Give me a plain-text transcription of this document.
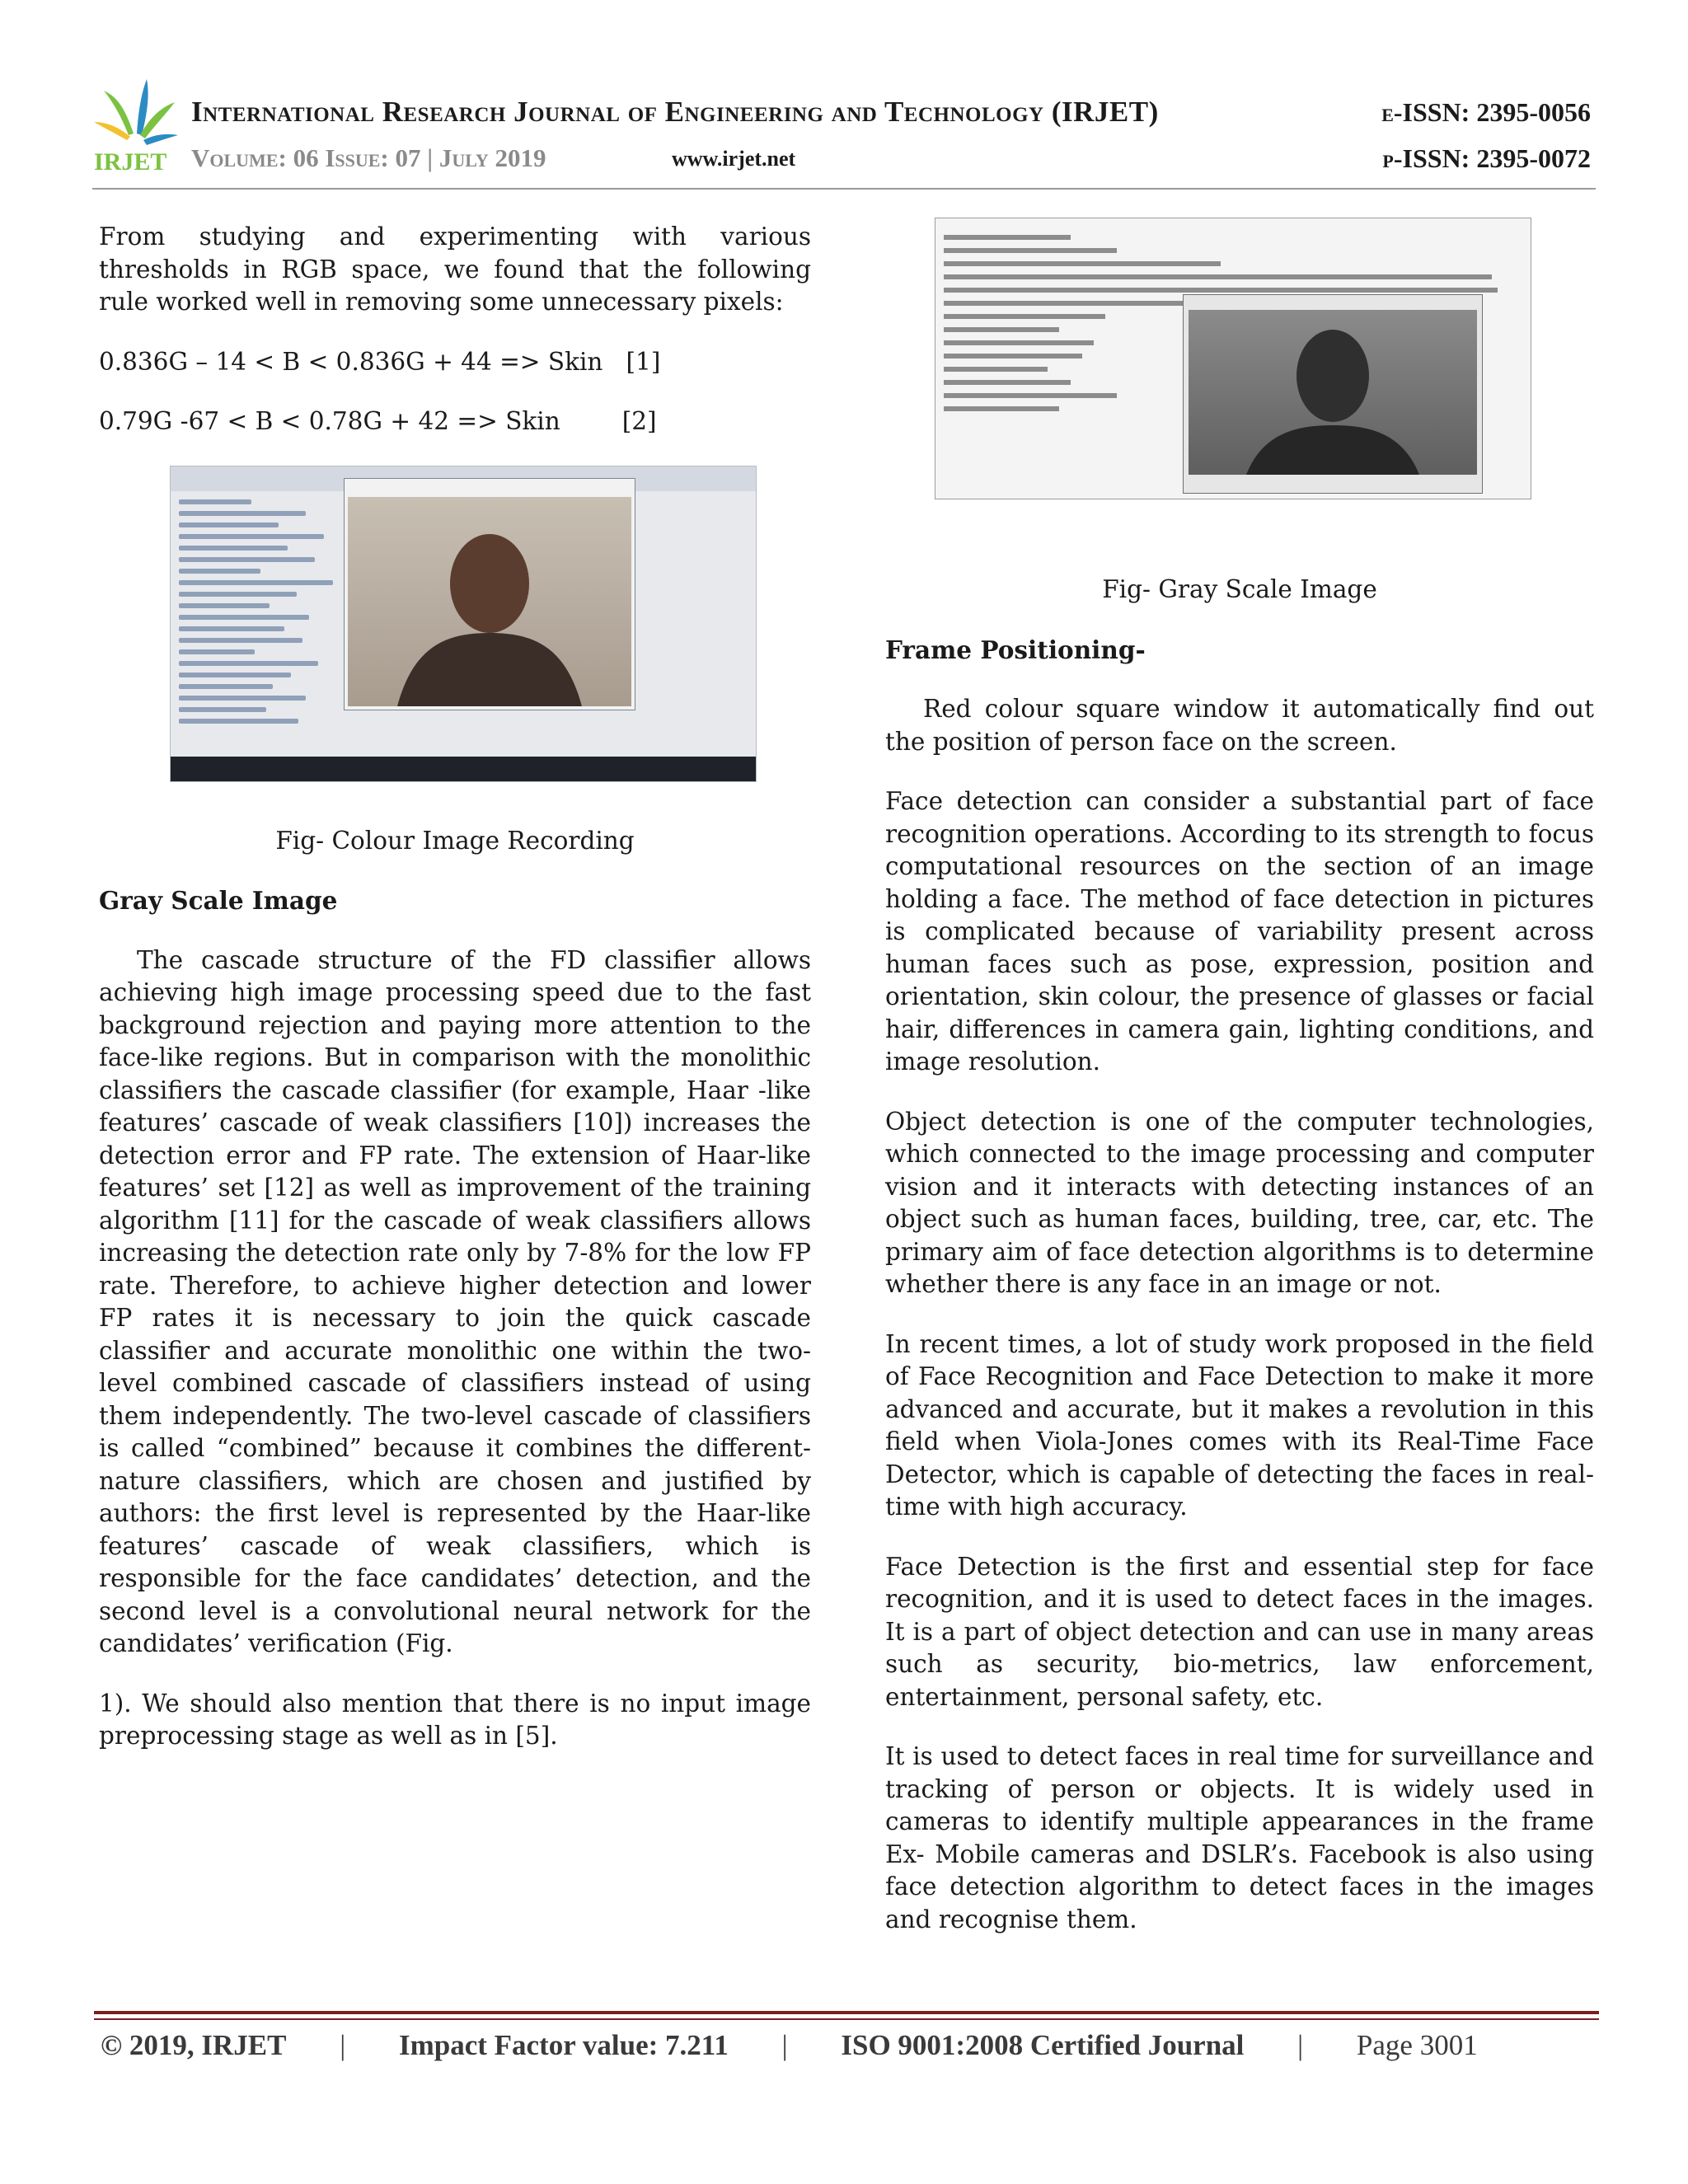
IRJET
International Research Journal of Engineering and Technology (IRJET)
Volume: 06 Issue: 07 | July 2019	www.irjet.net
e-ISSN: 2395-0056
p-ISSN: 2395-0072

From studying and experimenting with various thresholds in RGB space, we found that the following rule worked well in removing some unnecessary pixels:

0.836G – 14 < B < 0.836G + 44 => Skin   [1]
0.79G -67 < B < 0.78G + 42 => Skin        [2]
Fig- Colour Image Recording
Gray Scale Image

The cascade structure of the FD classifier allows achieving high image processing speed due to the fast background rejection and paying more attention to the face-like regions. But in comparison with the monolithic classifiers the cascade classifier (for example, Haar -like features’ cascade of weak classifiers [10]) increases the detection error and FP rate. The extension of Haar-like features’ set [12] as well as improvement of the training algorithm [11] for the cascade of weak classifiers allows increasing the detection rate only by 7-8% for the low FP rate. Therefore, to achieve higher detection and lower FP rates it is necessary to join the quick cascade classifier and accurate monolithic one within the two-level combined cascade of classifiers instead of using them independently. The two-level cascade of classifiers is called “combined” because it combines the different-nature classifiers, which are chosen and justified by authors: the first level is represented by the Haar-like features’ cascade of weak classifiers, which is responsible for the face candidates’ detection, and the second level is a convolutional neural network for the candidates’ verification (Fig.

1). We should also mention that there is no input image preprocessing stage as well as in [5].

Fig- Gray Scale Image
Frame Positioning-

Red colour square window it automatically find out the position of person face on the screen.

Face detection can consider a substantial part of face recognition operations. According to its strength to focus computational resources on the section of an image holding a face. The method of face detection in pictures is complicated because of variability present across human faces such as pose, expression, position and orientation, skin colour, the presence of glasses or facial hair, differences in camera gain, lighting conditions, and image resolution.

Object detection is one of the computer technologies, which connected to the image processing and computer vision and it interacts with detecting instances of an object such as human faces, building, tree, car, etc. The primary aim of face detection algorithms is to determine whether there is any face in an image or not.

In recent times, a lot of study work proposed in the field of Face Recognition and Face Detection to make it more advanced and accurate, but it makes a revolution in this field when Viola-Jones comes with its Real-Time Face Detector, which is capable of detecting the faces in real-time with high accuracy.

Face Detection is the first and essential step for face recognition, and it is used to detect faces in the images. It is a part of object detection and can use in many areas such as security, bio-metrics, law enforcement, entertainment, personal safety, etc.

It is used to detect faces in real time for surveillance and tracking of person or objects. It is widely used in cameras to identify multiple appearances in the frame Ex- Mobile cameras and DSLR’s. Facebook is also using face detection algorithm to detect faces in the images and recognise them.

© 2019, IRJET | Impact Factor value: 7.211 | ISO 9001:2008 Certified Journal | Page 3001
